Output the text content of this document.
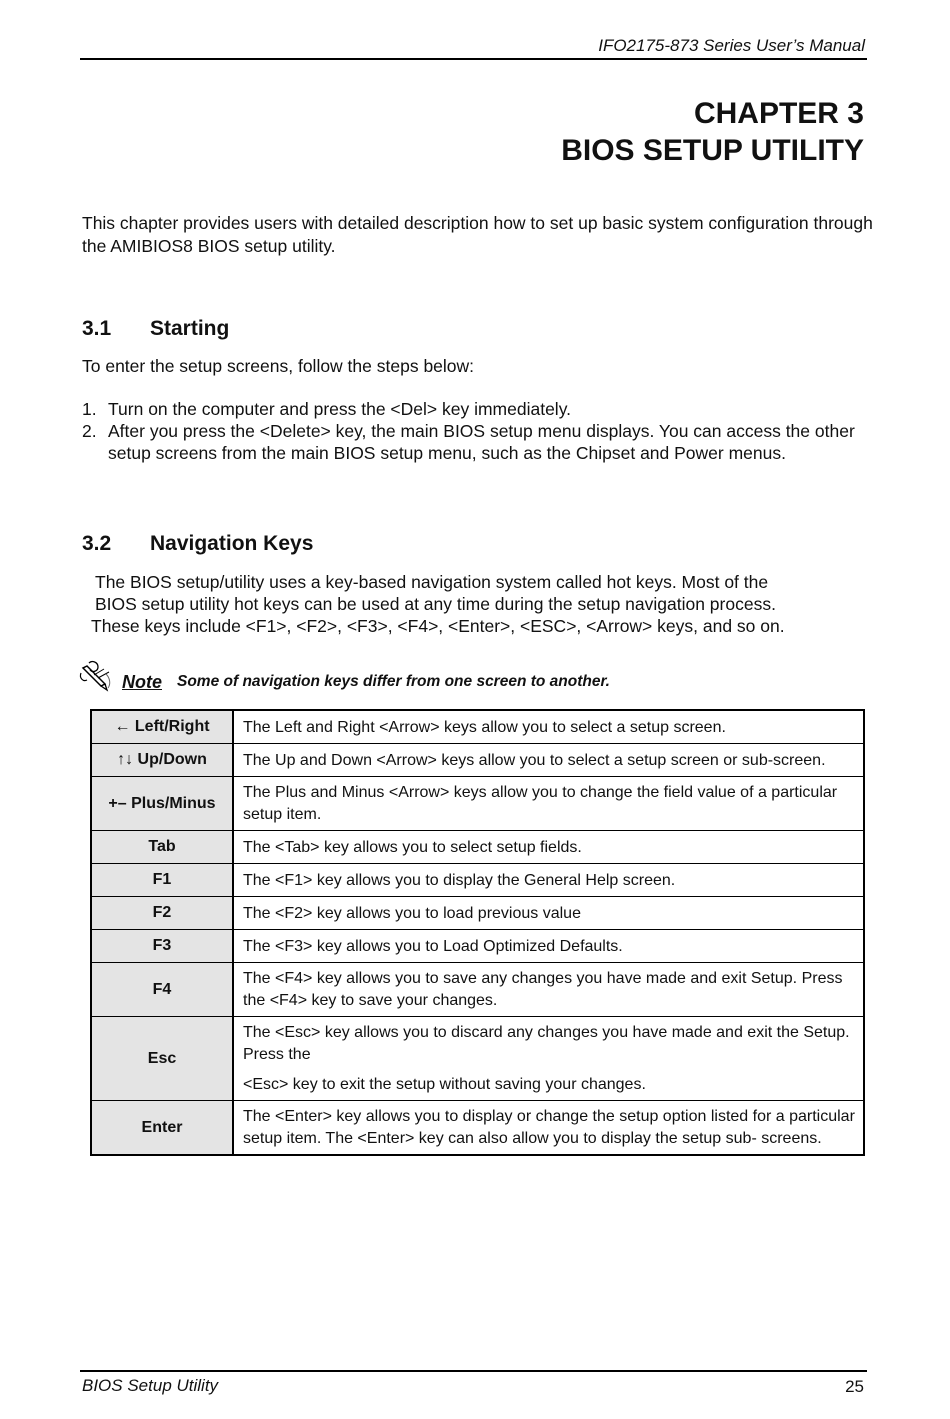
IFO2175-873 Series User’s Manual
CHAPTER 3
BIOS SETUP UTILITY

This chapter provides users with detailed description how to set up basic system configuration through the AMIBIOS8 BIOS setup utility.

3.1 Starting

To enter the setup screens, follow the steps below:

1. Turn on the computer and press the <Del> key immediately.
2. After you press the <Delete> key, the main BIOS setup menu displays. You can access the other setup screens from the main BIOS setup menu, such as the Chipset and Power menus.
3.2 Navigation Keys
The BIOS setup/utility uses a key-based navigation system called hot keys. Most of the
BIOS setup utility hot keys can be used at any time during the setup navigation process.
These keys include <F1>, <F2>, <F3>, <F4>, <Enter>, <ESC>, <Arrow> keys, and so on.
Note Some of navigation keys differ from one screen to another.
← Left/Right	The Left and Right <Arrow> keys allow you to select a setup screen.

↑↓ Up/Down	The Up and Down <Arrow> keys allow you to select a setup screen or sub-screen.

+– Plus/Minus	The Plus and Minus <Arrow> keys allow you to change the field value of a particular setup item.

Tab	The <Tab> key allows you to select setup fields.

F1	The <F1> key allows you to display the General Help screen.

F2	The <F2> key allows you to load previous value

F3	The <F3> key allows you to Load Optimized Defaults.

F4	The <F4> key allows you to save any changes you have made and exit Setup. Press the <F4> key to save your changes.

Esc	The <Esc> key allows you to discard any changes you have made and exit the Setup. Press the
<Esc> key to exit the setup without saving your changes.

Enter	The <Enter> key allows you to display or change the setup option listed for a particular setup item. The <Enter> key can also allow you to display the setup sub- screens.
BIOS Setup Utility	25
